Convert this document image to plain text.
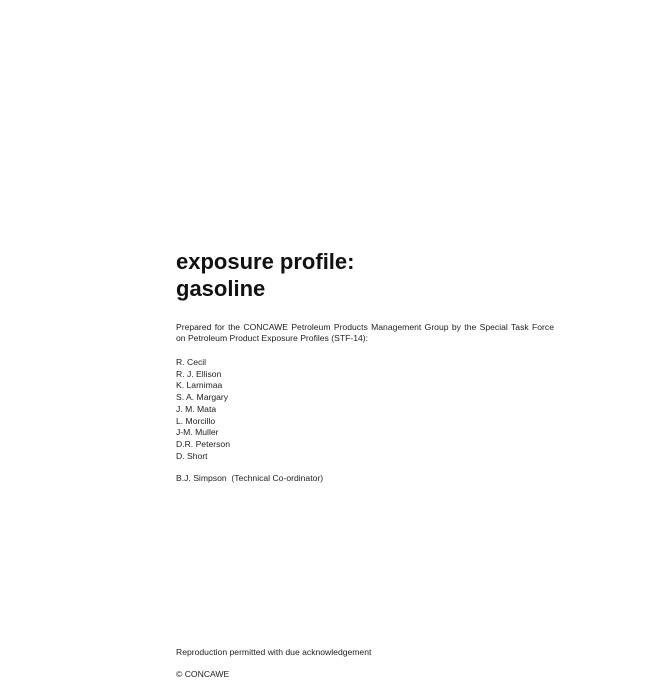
exposure profile:

gasoline

Prepared for the CONCAWE Petroleum Products Management Group by the Special Task Force on Petroleum Product Exposure Profiles (STF-14):

R. Cecil
R. J. Ellison
K. Larnimaa
S. A. Margary
J. M. Mata
L. Morcillo
J-M. Muller
D.R. Peterson
D. Short

B.J. Simpson  (Technical Co-ordinator)

Reproduction permitted with due acknowledgement

© CONCAWE
